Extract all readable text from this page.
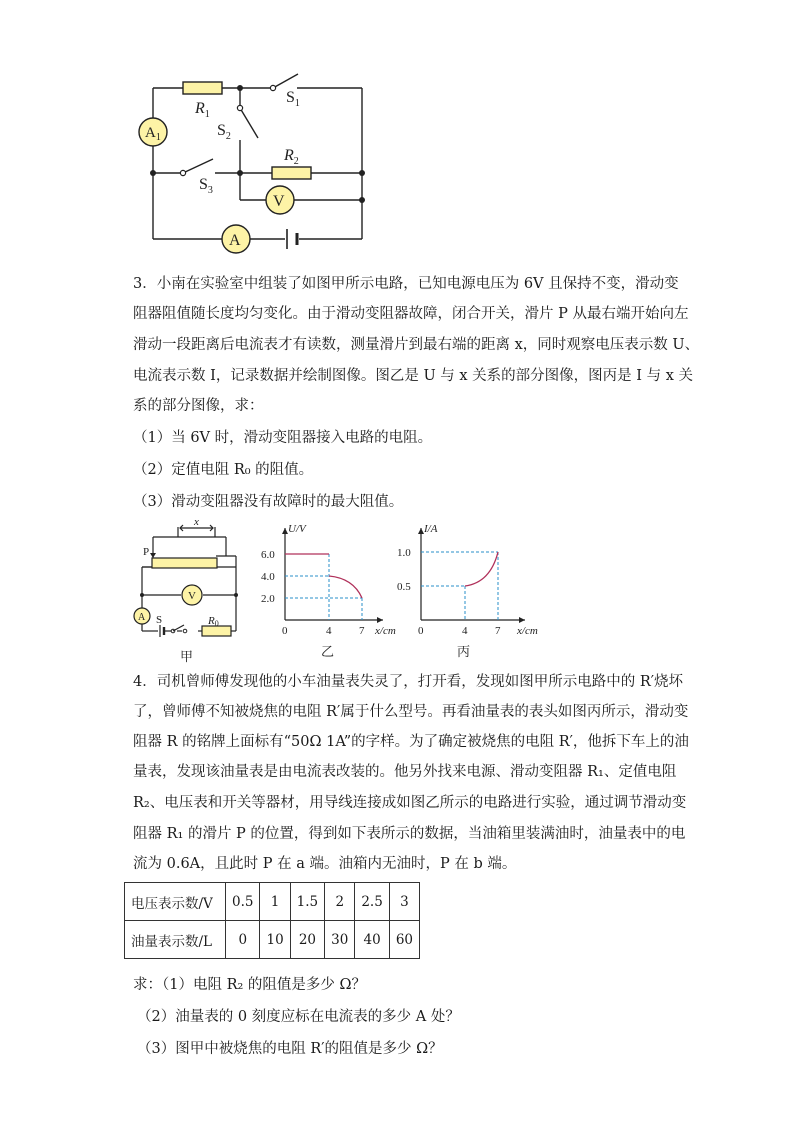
$A_1$
V
A
$R_1$
$S_1$
$S_2$
$S_3$
$R_2$
3．小南在实验室中组装了如图甲所示电路，已知电源电压为 6V 且保持不变，滑动变
阻器阻值随长度均匀变化。由于滑动变阻器故障，闭合开关，滑片 P 从最右端开始向左
滑动一段距离后电流表才有读数，测量滑片到最右端的距离 x，同时观察电压表示数 U、
电流表示数 I，记录数据并绘制图像。图乙是 U 与 x 关系的部分图像，图丙是 I 与 x 关
系的部分图像，求：
（1）当 6V 时，滑动变阻器接入电路的电阻。
（2）定值电阻 R₀ 的阻值。
（3）滑动变阻器没有故障时的最大阻值。
x
P
V
A S	R0
甲
U/V
x/cm
0	4	7
6.0
4.0
2.0
乙
I/A
x/cm
0	4	7
1.0
0.5
丙
4．司机曾师傅发现他的小车油量表失灵了，打开看，发现如图甲所示电路中的 R′烧坏
了，曾师傅不知被烧焦的电阻 R′属于什么型号。再看油量表的表头如图丙所示，滑动变
阻器 R 的铭牌上面标有“50Ω 1A”的字样。为了确定被烧焦的电阻 R′，他拆下车上的油
量表，发现该油量表是由电流表改装的。他另外找来电源、滑动变阻器 R₁、定值电阻
R₂、电压表和开关等器材，用导线连接成如图乙所示的电路进行实验，通过调节滑动变
阻器 R₁ 的滑片 P 的位置，得到如下表所示的数据，当油箱里装满油时，油量表中的电
流为 0.6A，且此时 P 在 a 端。油箱内无油时，P 在 b 端。
电压表示数/V	0.5	1	1.5	2	2.5	3
油量表示数/L	0	10	20	30	40	60
求：（1）电阻 R₂ 的阻值是多少 Ω？
（2）油量表的 0 刻度应标在电流表的多少 A 处？
（3）图甲中被烧焦的电阻 R′的阻值是多少 Ω？
